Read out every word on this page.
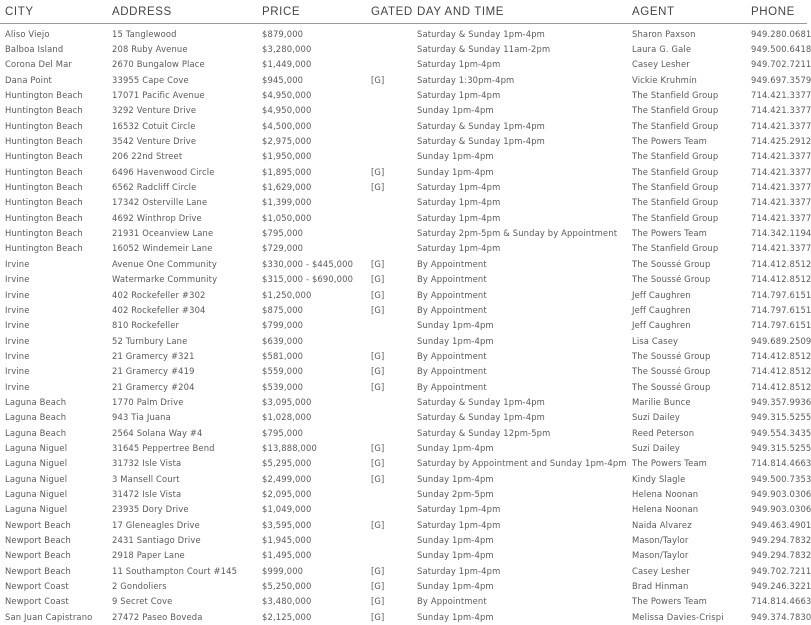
CITY	ADDRESS	PRICE	GATED	DAY AND TIME	AGENT	PHONE
Aliso Viejo	15 Tanglewood	$879,000		Saturday & Sunday 1pm-4pm	Sharon Paxson	949.280.0681
Balboa Island	208 Ruby Avenue	$3,280,000		Saturday & Sunday 11am-2pm	Laura G. Gale	949.500.6418
Corona Del Mar	2670 Bungalow Place	$1,449,000		Saturday 1pm-4pm	Casey Lesher	949.702.7211
Dana Point	33955 Cape Cove	$945,000	[G]	Saturday 1:30pm-4pm	Vickie Kruhmin	949.697.3579
Huntington Beach	17071 Pacific Avenue	$4,950,000		Saturday 1pm-4pm	The Stanfield Group	714.421.3377
Huntington Beach	3292 Venture Drive	$4,950,000		Sunday 1pm-4pm	The Stanfield Group	714.421.3377
Huntington Beach	16532 Cotuit Circle	$4,500,000		Saturday & Sunday 1pm-4pm	The Stanfield Group	714.421.3377
Huntington Beach	3542 Venture Drive	$2,975,000		Saturday & Sunday 1pm-4pm	The Powers Team	714.425.2912
Huntington Beach	206 22nd Street	$1,950,000		Sunday 1pm-4pm	The Stanfield Group	714.421.3377
Huntington Beach	6496 Havenwood Circle	$1,895,000	[G]	Sunday 1pm-4pm	The Stanfield Group	714.421.3377
Huntington Beach	6562 Radcliff Circle	$1,629,000	[G]	Saturday 1pm-4pm	The Stanfield Group	714.421.3377
Huntington Beach	17342 Osterville Lane	$1,399,000		Saturday 1pm-4pm	The Stanfield Group	714.421.3377
Huntington Beach	4692 Winthrop Drive	$1,050,000		Saturday 1pm-4pm	The Stanfield Group	714.421.3377
Huntington Beach	21931 Oceanview Lane	$795,000		Saturday 2pm-5pm & Sunday by Appointment	The Powers Team	714.342.1194
Huntington Beach	16052 Windemeir Lane	$729,000		Saturday 1pm-4pm	The Stanfield Group	714.421.3377
Irvine	Avenue One Community	$330,000 - $445,000	[G]	By Appointment	The Soussé Group	714.412.8512
Irvine	Watermarke Community	$315,000 - $690,000	[G]	By Appointment	The Soussé Group	714.412.8512
Irvine	402 Rockefeller #302	$1,250,000	[G]	By Appointment	Jeff Caughren	714.797.6151
Irvine	402 Rockefeller #304	$875,000	[G]	By Appointment	Jeff Caughren	714.797.6151
Irvine	810 Rockefeller	$799,000		Sunday 1pm-4pm	Jeff Caughren	714.797.6151
Irvine	52 Turnbury Lane	$639,000		Sunday 1pm-4pm	Lisa Casey	949.689.2509
Irvine	21 Gramercy #321	$581,000	[G]	By Appointment	The Soussé Group	714.412.8512
Irvine	21 Gramercy #419	$559,000	[G]	By Appointment	The Soussé Group	714.412.8512
Irvine	21 Gramercy #204	$539,000	[G]	By Appointment	The Soussé Group	714.412.8512
Laguna Beach	1770 Palm Drive	$3,095,000		Saturday & Sunday 1pm-4pm	Marilie Bunce	949.357.9936
Laguna Beach	943 Tia Juana	$1,028,000		Saturday & Sunday 1pm-4pm	Suzi Dailey	949.315.5255
Laguna Beach	2564 Solana Way #4	$795,000		Saturday & Sunday 12pm-5pm	Reed Peterson	949.554.3435
Laguna Niguel	31645 Peppertree Bend	$13,888,000	[G]	Sunday 1pm-4pm	Suzi Dailey	949.315.5255
Laguna Niguel	31732 Isle Vista	$5,295,000	[G]	Saturday by Appointment and Sunday 1pm-4pm	The Powers Team	714.814.4663
Laguna Niguel	3 Mansell Court	$2,499,000	[G]	Sunday 1pm-4pm	Kindy Slagle	949.500.7353
Laguna Niguel	31472 Isle Vista	$2,095,000		Sunday 2pm-5pm	Helena Noonan	949.903.0306
Laguna Niguel	23935 Dory Drive	$1,049,000		Saturday 1pm-4pm	Helena Noonan	949.903.0306
Newport Beach	17 Gleneagles Drive	$3,595,000	[G]	Saturday 1pm-4pm	Naida Alvarez	949.463.4901
Newport Beach	2431 Santiago Drive	$1,945,000		Sunday 1pm-4pm	Mason/Taylor	949.294.7832
Newport Beach	2918 Paper Lane	$1,495,000		Sunday 1pm-4pm	Mason/Taylor	949.294.7832
Newport Beach	11 Southampton Court #145	$999,000	[G]	Saturday 1pm-4pm	Casey Lesher	949.702.7211
Newport Coast	2 Gondoliers	$5,250,000	[G]	Sunday 1pm-4pm	Brad Hinman	949.246.3221
Newport Coast	9 Secret Cove	$3,480,000	[G]	By Appointment	The Powers Team	714.814.4663
San Juan Capistrano	27472 Paseo Boveda	$2,125,000	[G]	Sunday 1pm-4pm	Melissa Davies-Crispi	949.374.7830
